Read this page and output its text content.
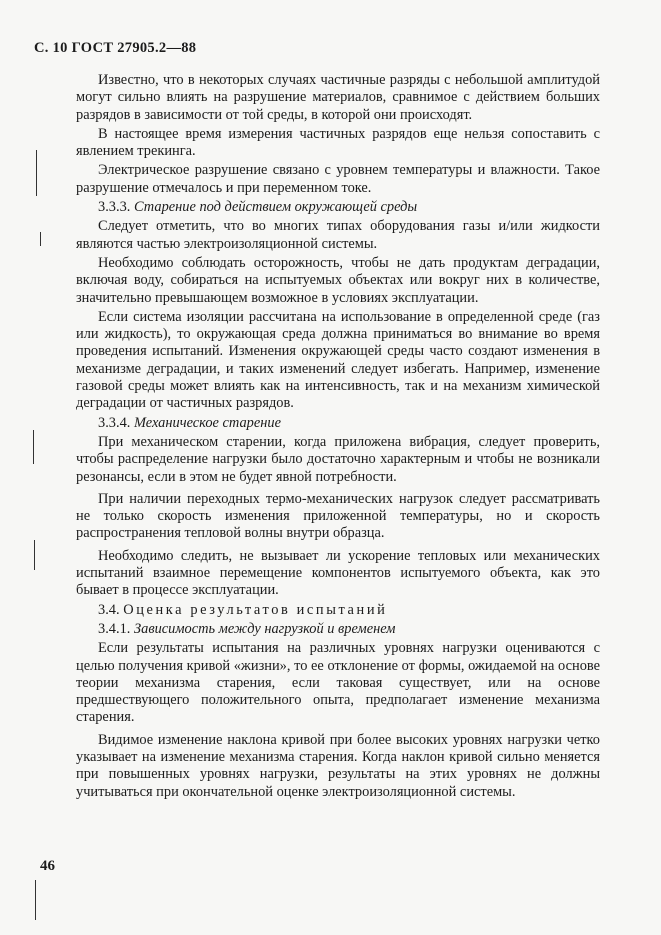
С. 10 ГОСТ 27905.2—88

Известно, что в некоторых случаях частичные разряды с небольшой амплитудой могут сильно влиять на разрушение материалов, сравнимое с действием больших разрядов в зависимости от той среды, в которой они происходят.

В настоящее время измерения частичных разрядов еще нельзя сопоставить с явлением трекинга.

Электрическое разрушение связано с уровнем температуры и влажности. Такое разрушение отмечалось и при переменном токе.

3.3.3. Старение под действием окружающей среды

Следует отметить, что во многих типах оборудования газы и/или жидкости являются частью электроизоляционной системы.

Необходимо соблюдать осторожность, чтобы не дать продуктам деградации, включая воду, собираться на испытуемых объектах или вокруг них в количестве, значительно превышающем возможное в условиях эксплуатации.

Если система изоляции рассчитана на использование в определенной среде (газ или жидкость), то окружающая среда должна приниматься во внимание во время проведения испытаний. Изменения окружающей среды часто создают изменения в механизме деградации, и таких изменений следует избегать. Например, изменение газовой среды может влиять как на интенсивность, так и на механизм химической деградации от частичных разрядов.

3.3.4. Механическое старение

При механическом старении, когда приложена вибрация, следует проверить, чтобы распределение нагрузки было достаточно характерным и чтобы не возникали резонансы, если в этом не будет явной потребности.

При наличии переходных термо-механических нагрузок следует рассматривать не только скорость изменения приложенной температуры, но и скорость распространения тепловой волны внутри образца.

Необходимо следить, не вызывает ли ускорение тепловых или механических испытаний взаимное перемещение компонентов испытуемого объекта, как это бывает в процессе эксплуатации.

3.4. Оценка результатов испытаний

3.4.1. Зависимость между нагрузкой и временем

Если результаты испытания на различных уровнях нагрузки оцениваются с целью получения кривой «жизни», то ее отклонение от формы, ожидаемой на основе теории механизма старения, если таковая существует, или на основе предшествующего положительного опыта, предполагает изменение механизма старения.

Видимое изменение наклона кривой при более высоких уровнях нагрузки четко указывает на изменение механизма старения. Когда наклон кривой сильно меняется при повышенных уровнях нагрузки, результаты на этих уровнях не должны учитываться при окончательной оценке электроизоляционной системы.

46
